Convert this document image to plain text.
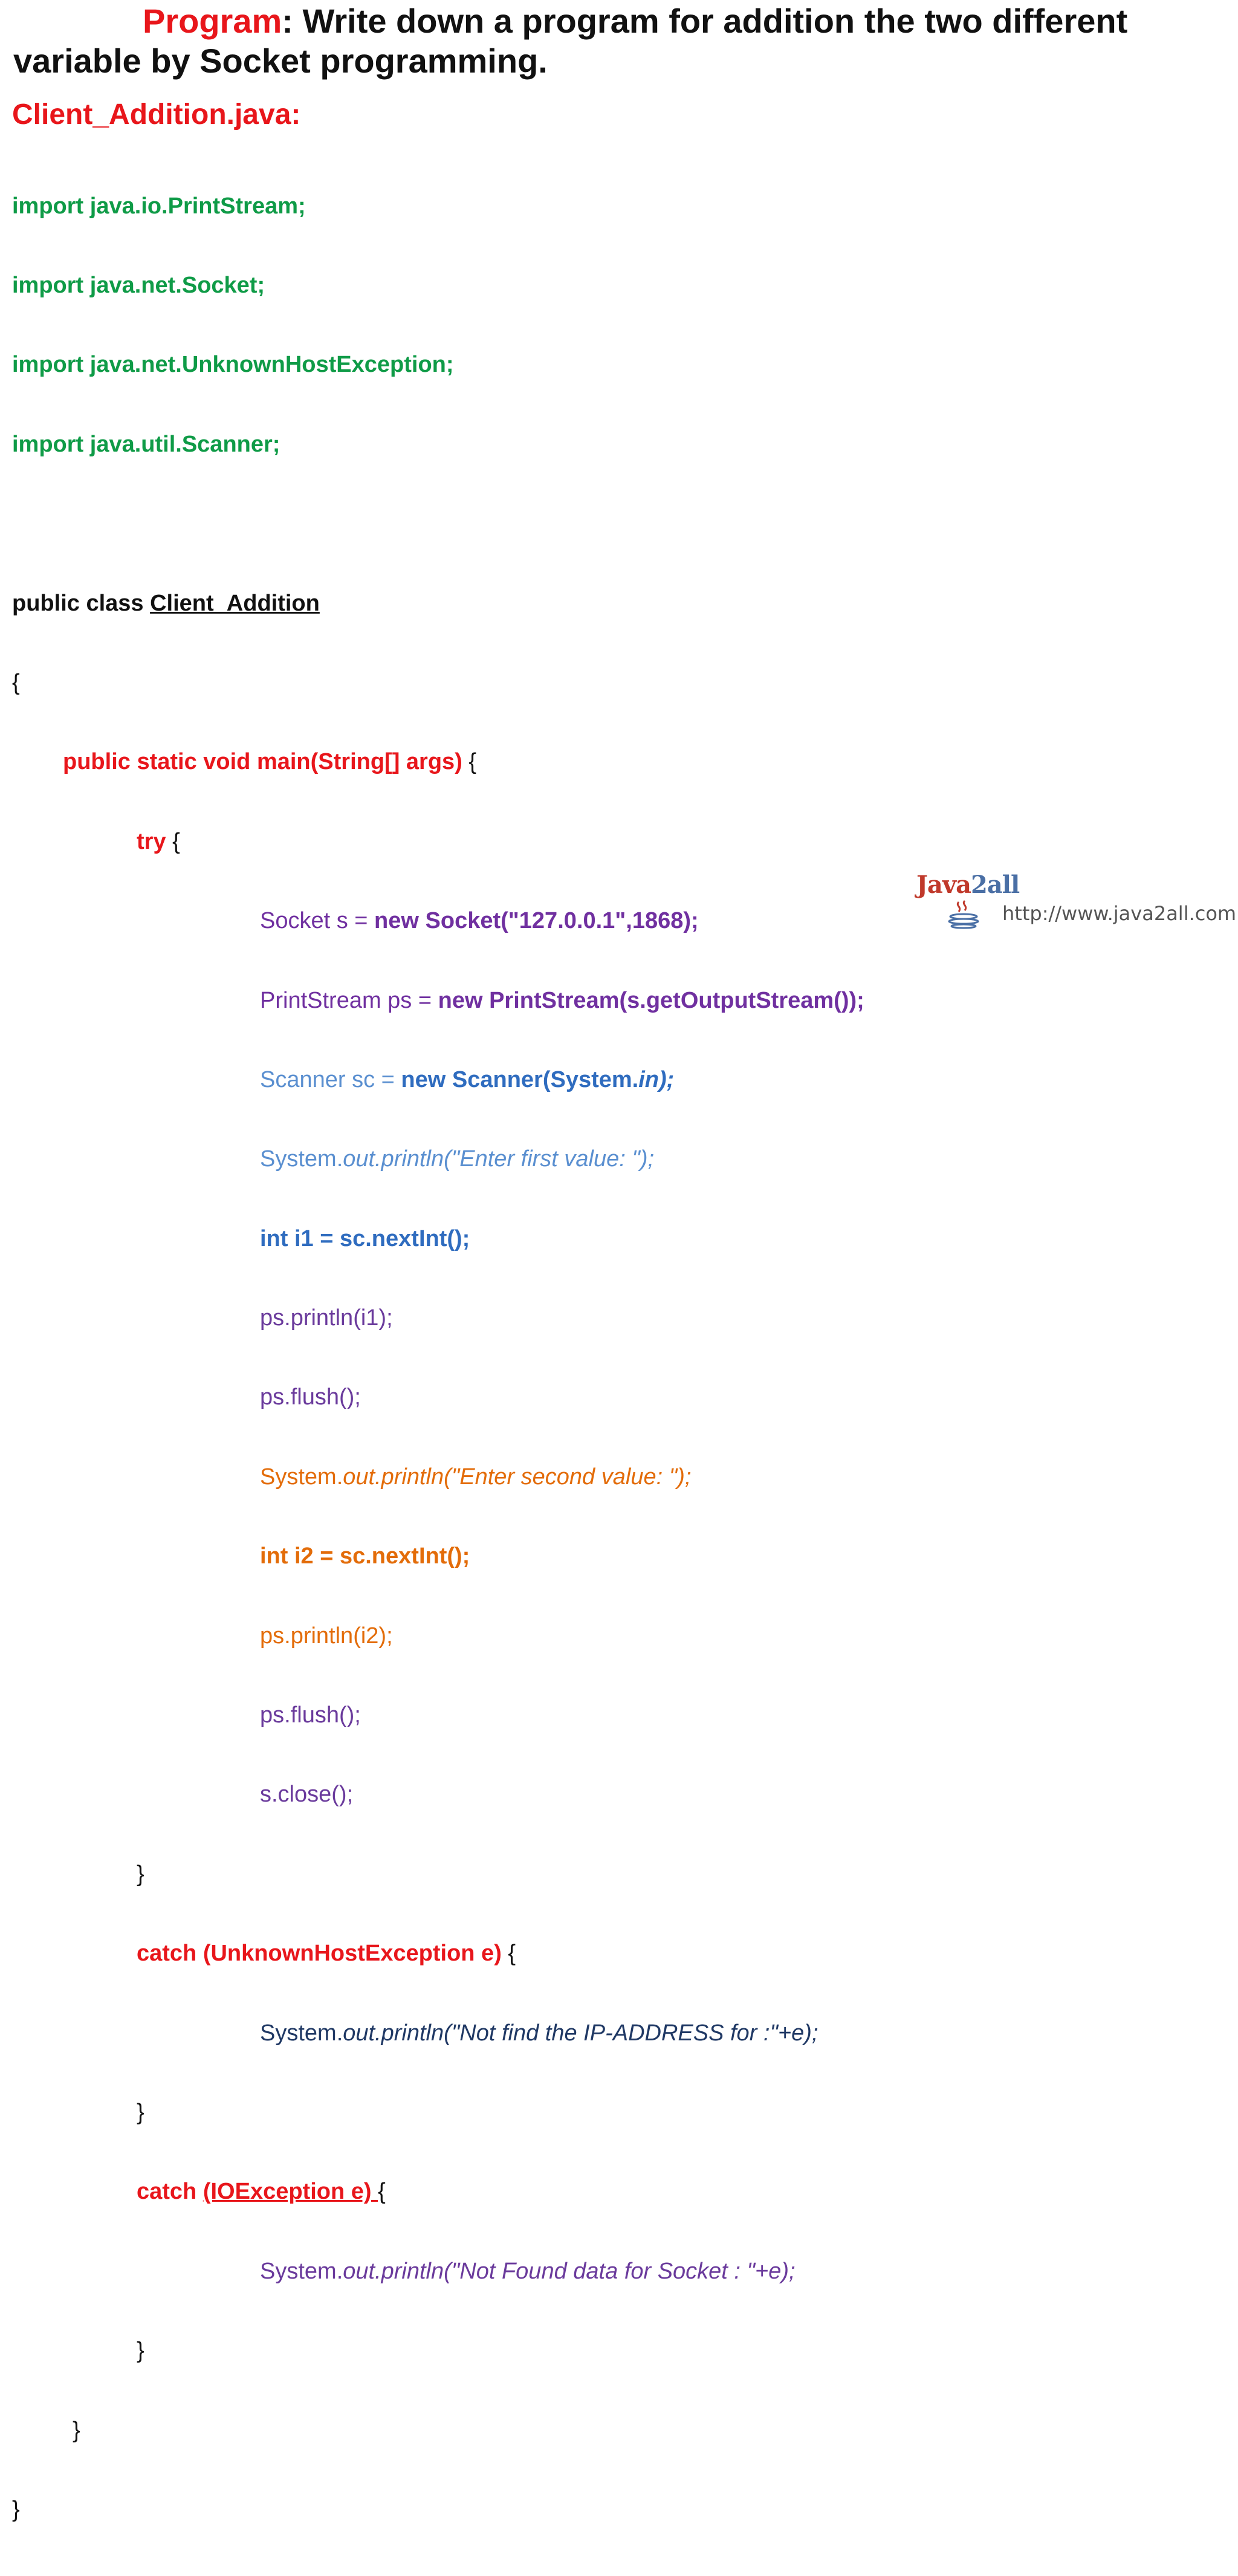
Program: Write down a program for addition the two different
variable by Socket programming.
Client_Addition.java:

import java.io.PrintStream;

import java.net.Socket;

import java.net.UnknownHostException;

import java.util.Scanner;

public class Client_Addition

{

public static void main(String[] args) {

try {

Socket s = new Socket("127.0.0.1",1868);

PrintStream ps = new PrintStream(s.getOutputStream());

Scanner sc = new Scanner(System.in);

System.out.println("Enter first value: ");

int i1 = sc.nextInt();

ps.println(i1);

ps.flush();

System.out.println("Enter second value: ");

int i2 = sc.nextInt();

ps.println(i2);

ps.flush();

s.close();

}

catch (UnknownHostException e) {

System.out.println("Not find the IP-ADDRESS for :"+e);

}

catch (IOException e) {

System.out.println("Not Found data for Socket : "+e);

}

}

}

Java2all
http://www.java2all.com
